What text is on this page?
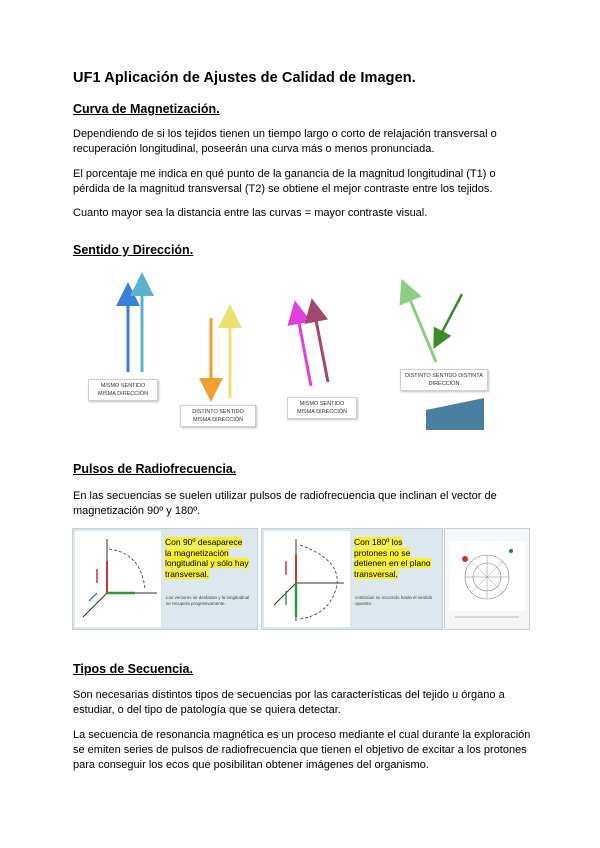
UF1 Aplicación de Ajustes de Calidad de Imagen.
Curva de Magnetización.

Dependiendo de si los tejidos tienen un tiempo largo o corto de relajación transversal o recuperación longitudinal, poseerán una curva más o menos pronunciada.

El porcentaje me indica en qué punto de la ganancia de la magnitud longitudinal (T1) o pérdida de la magnitud transversal (T2) se obtiene el mejor contraste entre los tejidos.

Cuanto mayor sea la distancia entre las curvas = mayor contraste visual.

Sentido y Dirección.
MISMO SENTIDO MISMA DIRECCIÓN
DISTINTO SENTIDO MISMA DIRECCIÓN
MISMO SENTIDO MISMA DIRECCIÓN
DISTINTO SENTIDO DISTINTA DIRECCIÓN
Pulsos de Radiofrecuencia.

En las secuencias se suelen utilizar pulsos de radiofrecuencia que inclinan el vector de magnetización 90º y 180º.

Con 90º desaparece la magnetización longitudinal y sólo hay transversal.
Los vectores se desfasan y la longitudinal se recupera progresivamente.
Con 180º los protones no se detienen en el plano transversal,
continúan su recorrido hasta el sentido opuesto.
Tipos de Secuencia.

Son necesarias distintos tipos de secuencias por las características del tejido u órgano a estudiar, o del tipo de patología que se quiera detectar.

La secuencia de resonancia magnética es un proceso mediante el cual durante la exploración se emiten series de pulsos de radiofrecuencia que tienen el objetivo de excitar a los protones para conseguir los ecos que posibilitan obtener imágenes del organismo.
